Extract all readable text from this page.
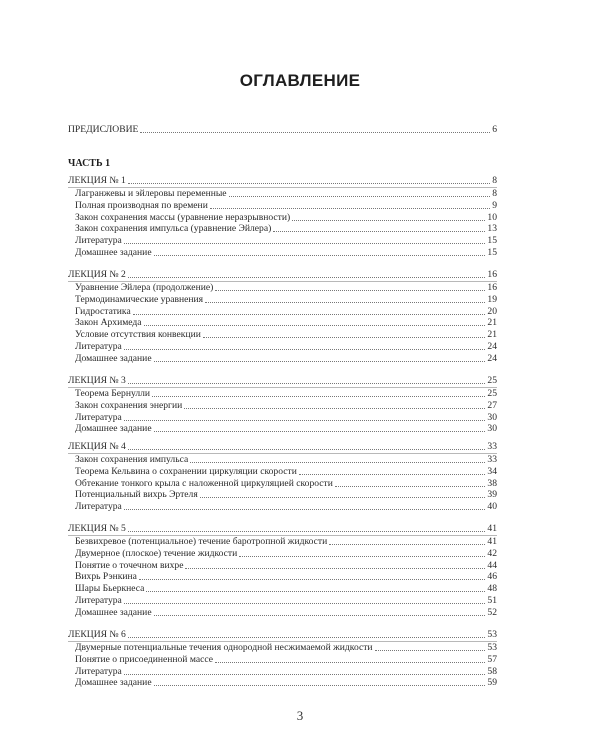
ОГЛАВЛЕНИЕ
ПРЕДИСЛОВИЕ	6
ЧАСТЬ 1
ЛЕКЦИЯ № 1	8
Лагранжевы и эйлеровы переменные	8
Полная производная по времени	9
Закон сохранения массы (уравнение неразрывности)	10
Закон сохранения импульса (уравнение Эйлера)	13
Литература	15
Домашнее задание	15
ЛЕКЦИЯ № 2	16
Уравнение Эйлера (продолжение)	16
Термодинамические уравнения	19
Гидростатика	20
Закон Архимеда	21
Условие отсутствия конвекции	21
Литература	24
Домашнее задание	24
ЛЕКЦИЯ № 3	25
Теорема Бернулли	25
Закон сохранения энергии	27
Литература	30
Домашнее задание	30
ЛЕКЦИЯ № 4	33
Закон сохранения импульса	33
Теорема Кельвина о сохранении циркуляции скорости	34
Обтекание тонкого крыла с наложенной циркуляцией скорости	38
Потенциальный вихрь Эртеля	39
Литература	40
ЛЕКЦИЯ № 5	41
Безвихревое (потенциальное) течение баротропной жидкости	41
Двумерное (плоское) течение жидкости	42
Понятие о точечном вихре	44
Вихрь Рэнкина	46
Шары Бьеркнеса	48
Литература	51
Домашнее задание	52
ЛЕКЦИЯ № 6	53
Двумерные потенциальные течения однородной несжимаемой жидкости	53
Понятие о присоединенной массе	57
Литература	58
Домашнее задание	59
3
